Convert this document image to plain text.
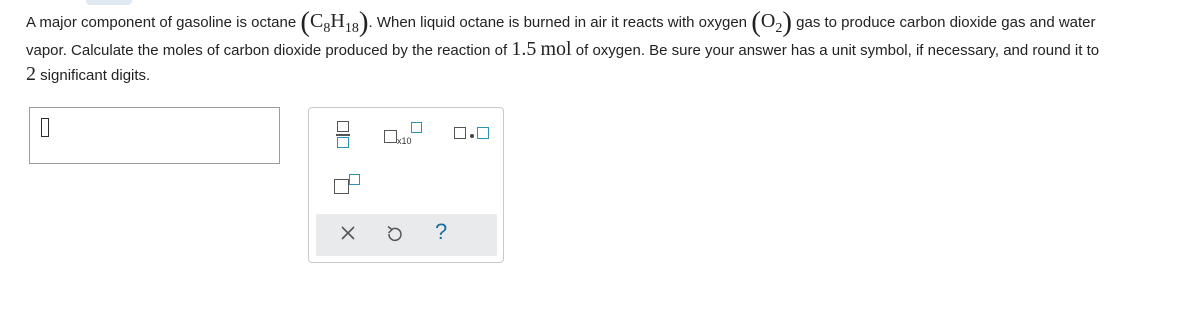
A major component of gasoline is octane (C8H18). When liquid octane is burned in air it reacts with oxygen (O2) gas to produce carbon dioxide gas and water
vapor. Calculate the moles of carbon dioxide produced by the reaction of 1.5 mol of oxygen. Be sure your answer has a unit symbol, if necessary, and round it to
2 significant digits.
x10
?
